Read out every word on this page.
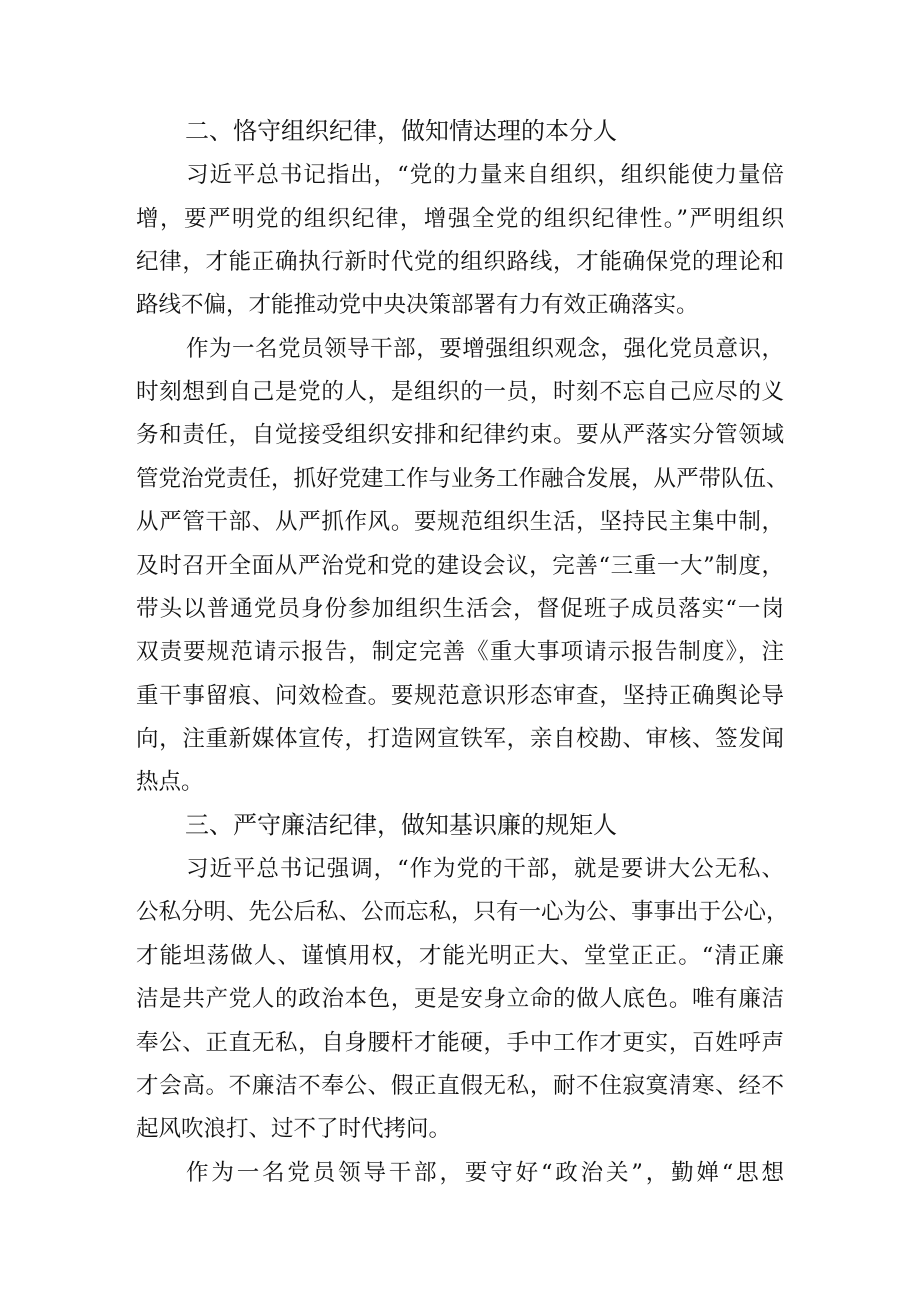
二、恪守组织纪律，做知情达理的本分人
习近平总书记指出，“党的力量来自组织，组织能使力量倍
增，要严明党的组织纪律，增强全党的组织纪律性。”严明组织
纪律，才能正确执行新时代党的组织路线，才能确保党的理论和
路线不偏，才能推动党中央决策部署有力有效正确落实。
作为一名党员领导干部，要增强组织观念，强化党员意识，
时刻想到自己是党的人，是组织的一员，时刻不忘自己应尽的义
务和责任，自觉接受组织安排和纪律约束。要从严落实分管领域
管党治党责任，抓好党建工作与业务工作融合发展，从严带队伍、
从严管干部、从严抓作风。要规范组织生活，坚持民主集中制，
及时召开全面从严治党和党的建设会议，完善“三重一大”制度，
带头以普通党员身份参加组织生活会，督促班子成员落实“一岗
双责要规范请示报告，制定完善《重大事项请示报告制度》，注
重干事留痕、问效检查。要规范意识形态审查，坚持正确舆论导
向，注重新媒体宣传，打造网宣铁军，亲自校勘、审核、签发闻
热点。
三、严守廉洁纪律，做知基识廉的规矩人
习近平总书记强调，“作为党的干部，就是要讲大公无私、
公私分明、先公后私、公而忘私，只有一心为公、事事出于公心，
才能坦荡做人、谨慎用权，才能光明正大、堂堂正正。“清正廉
洁是共产党人的政治本色，更是安身立命的做人底色。唯有廉洁
奉公、正直无私，自身腰杆才能硬，手中工作才更实，百姓呼声
才会高。不廉洁不奉公、假正直假无私，耐不住寂寞清寒、经不
起风吹浪打、过不了时代拷问。
作为一名党员领导干部，要守好“政治关”，勤婵“思想
